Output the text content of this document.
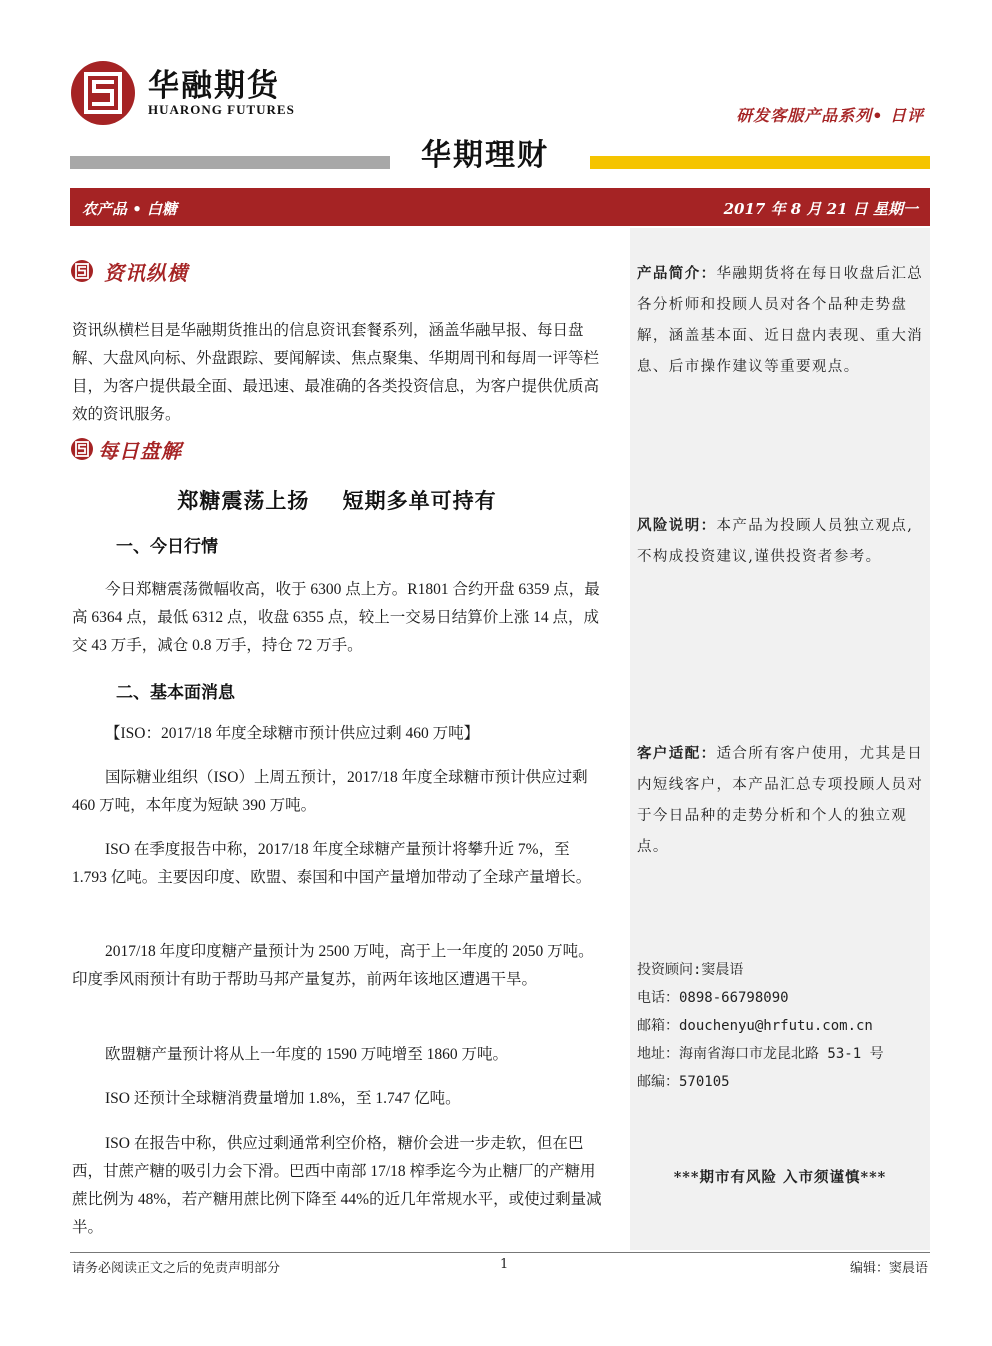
华融期货
HUARONG FUTURES	研发客服产品系列• 日评
华期理财
农产品 • 白糖	2017 年 8 月 21 日 星期一
产品简介：华融期货将在每日收盘后汇总各分析师和投顾人员对各个品种走势盘解，涵盖基本面、近日盘内表现、重大消息、后市操作建议等重要观点。
风险说明：本产品为投顾人员独立观点,不构成投资建议,谨供投资者参考。
客户适配：适合所有客户使用，尤其是日内短线客户，本产品汇总专项投顾人员对于今日品种的走势分析和个人的独立观点。
投资顾问:窦晨语
电话：0898-66798090
邮箱：douchenyu@hrfutu.com.cn
地址：海南省海口市龙昆北路 53-1 号
邮编：570105
***期市有风险 入市须谨慎***
资讯纵横
资讯纵横栏目是华融期货推出的信息资讯套餐系列，涵盖华融早报、每日盘解、大盘风向标、外盘跟踪、要闻解读、焦点聚集、华期周刊和每周一评等栏目，为客户提供最全面、最迅速、最准确的各类投资信息，为客户提供优质高效的资讯服务。
每日盘解
郑糖震荡上扬    短期多单可持有
一、今日行情
今日郑糖震荡微幅收高，收于 6300 点上方。R1801 合约开盘 6359 点，最高 6364 点，最低 6312 点，收盘 6355 点，较上一交易日结算价上涨 14 点，成交 43 万手，减仓 0.8 万手，持仓 72 万手。
二、基本面消息
【ISO：2017/18 年度全球糖市预计供应过剩 460 万吨】
国际糖业组织（ISO）上周五预计，2017/18 年度全球糖市预计供应过剩 460 万吨，本年度为短缺 390 万吨。
ISO 在季度报告中称，2017/18 年度全球糖产量预计将攀升近 7%，至 1.793 亿吨。主要因印度、欧盟、泰国和中国产量增加带动了全球产量增长。
2017/18 年度印度糖产量预计为 2500 万吨，高于上一年度的 2050 万吨。印度季风雨预计有助于帮助马邦产量复苏，前两年该地区遭遇干旱。
欧盟糖产量预计将从上一年度的 1590 万吨增至 1860 万吨。
ISO 还预计全球糖消费量增加 1.8%，至 1.747 亿吨。
ISO 在报告中称，供应过剩通常利空价格，糖价会进一步走软，但在巴西，甘蔗产糖的吸引力会下滑。巴西中南部 17/18 榨季迄今为止糖厂的产糖用蔗比例为 48%，若产糖用蔗比例下降至 44%的近几年常规水平，或使过剩量减半。
请务必阅读正文之后的免责声明部分	1	编辑：窦晨语
